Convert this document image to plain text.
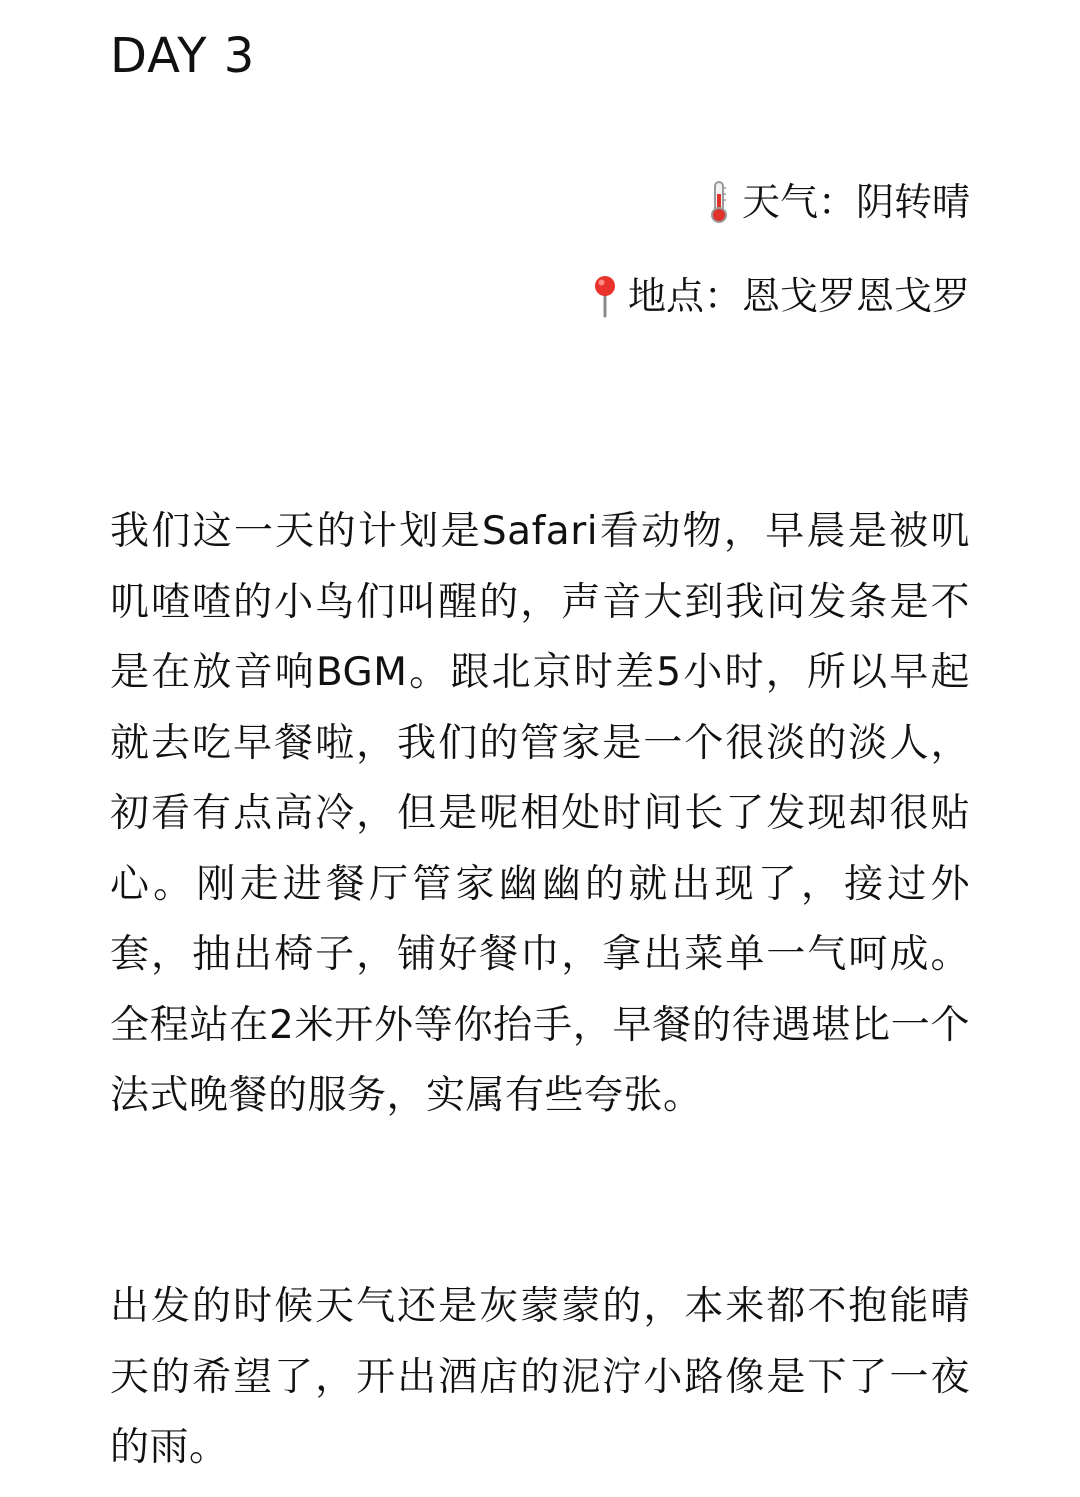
DAY 3
天气：阴转晴
地点：恩戈罗恩戈罗

我们这一天的计划是Safari看动物，早晨是被叽叽喳喳的小鸟们叫醒的，声音大到我问发条是不是在放音响BGM。跟北京时差5小时，所以早起就去吃早餐啦，我们的管家是一个很淡的淡人，初看有点高冷，但是呢相处时间长了发现却很贴心。刚走进餐厅管家幽幽的就出现了，接过外套，抽出椅子，铺好餐巾，拿出菜单一气呵成。全程站在2米开外等你抬手，早餐的待遇堪比一个法式晚餐的服务，实属有些夸张。

出发的时候天气还是灰蒙蒙的，本来都不抱能晴天的希望了，开出酒店的泥泞小路像是下了一夜的雨。
